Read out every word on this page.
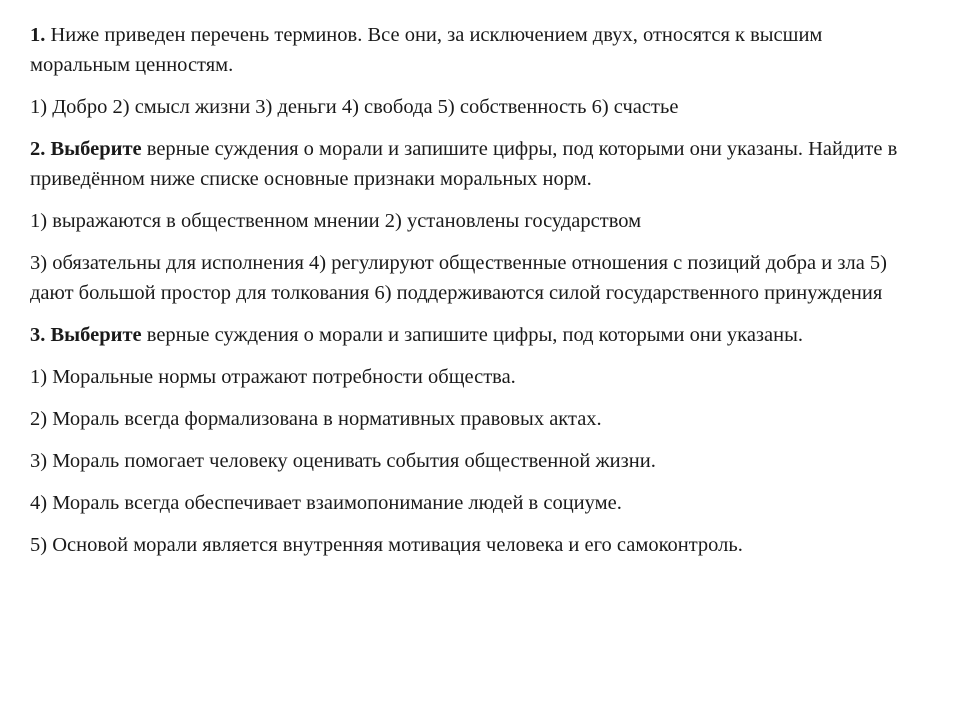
1. Ниже приведен перечень терминов. Все они, за исключением двух, относятся к высшим моральным ценностям.

1) Добро 2) смысл жизни 3) деньги 4) свобода 5) собственность 6) счастье

2. Выберите верные суждения о морали и запишите цифры, под которыми они указаны. Найдите в приведённом ниже списке основные признаки моральных норм.

1) выражаются в общественном мнении 2) установлены государством

3) обязательны для исполнения 4) регулируют общественные отношения с позиций добра и зла 5) дают большой простор для толкования 6) поддерживаются силой государственного принуждения

3. Выберите верные суждения о морали и запишите цифры, под которыми они указаны.

1) Моральные нормы отражают потребности общества.

2) Мораль всегда формализована в нормативных правовых актах.

3) Мораль помогает человеку оценивать события общественной жизни.

4) Мораль всегда обеспечивает взаимопонимание людей в социуме.

5) Основой морали является внутренняя мотивация человека и его самоконтроль.
